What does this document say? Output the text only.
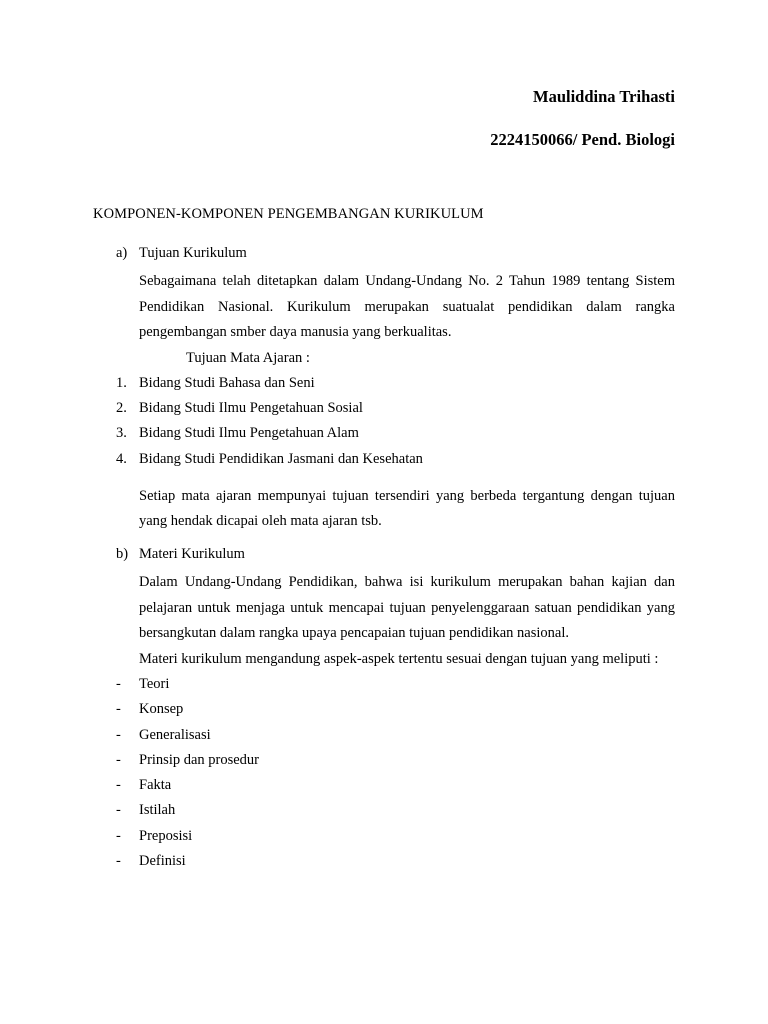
Mauliddina Trihasti
2224150066/ Pend. Biologi
KOMPONEN-KOMPONEN PENGEMBANGAN KURIKULUM
a) Tujuan Kurikulum
Sebagaimana telah ditetapkan dalam Undang-Undang No. 2 Tahun 1989 tentang Sistem Pendidikan Nasional. Kurikulum merupakan suatualat pendidikan dalam rangka pengembangan smber daya manusia yang berkualitas.
Tujuan Mata Ajaran :
1. Bidang Studi Bahasa dan Seni
2. Bidang Studi Ilmu Pengetahuan Sosial
3. Bidang Studi Ilmu Pengetahuan Alam
4. Bidang Studi Pendidikan Jasmani dan Kesehatan
Setiap mata ajaran mempunyai tujuan tersendiri yang berbeda tergantung dengan tujuan yang hendak dicapai oleh mata ajaran tsb.
b) Materi Kurikulum
Dalam Undang-Undang Pendidikan, bahwa isi kurikulum merupakan bahan kajian dan pelajaran untuk menjaga untuk mencapai tujuan penyelenggaraan satuan pendidikan yang bersangkutan dalam rangka upaya pencapaian tujuan pendidikan nasional.
Materi kurikulum mengandung aspek-aspek tertentu sesuai dengan tujuan yang meliputi :
- Teori
- Konsep
- Generalisasi
- Prinsip dan prosedur
- Fakta
- Istilah
- Preposisi
- Definisi
